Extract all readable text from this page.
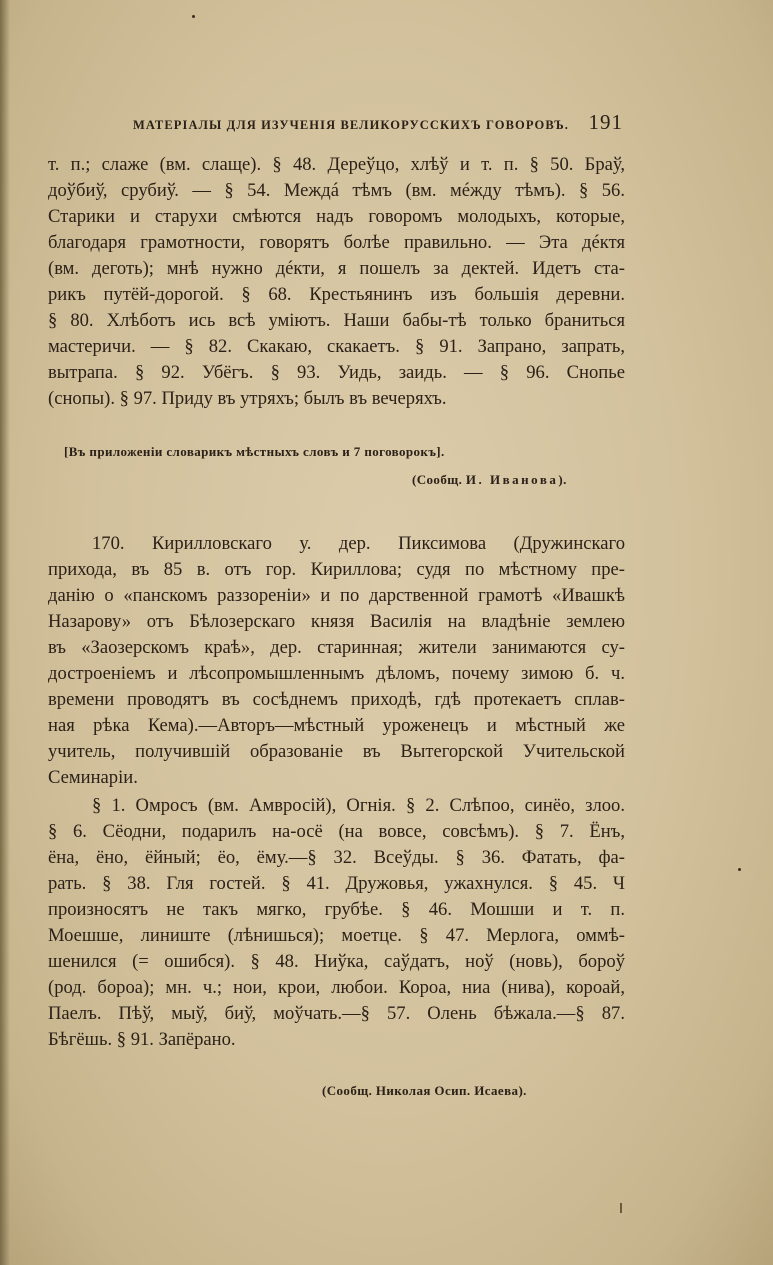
МАТЕРІАЛЫ ДЛЯ ИЗУЧЕНІЯ ВЕЛИКОРУССКИХЪ ГОВОРОВЪ. 191
т. п.; слаже (вм. слаще). § 48. Дереўцо, хлѣў и т. п. § 50. Браў,
доўбиў, срубиў. — § 54. Междá тѣмъ (вм. мéжду тѣмъ). § 56.
Старики и старухи смѣются надъ говоромъ молодыхъ, которые,
благодаря грамотности, говорятъ болѣе правильно. — Эта дéктя
(вм. деготь); мнѣ нужно дéкти, я пошелъ за дектей. Идетъ ста-
рикъ путёй-дорогой. § 68. Крестьянинъ изъ большія деревни.
§ 80. Хлѣботъ ись всѣ умiютъ. Наши бабы-тѣ только браниться
мастеричи. — § 82. Скакаю, скакаетъ. § 91. Запрано, запрать,
вытрапа. § 92. Убёгъ. § 93. Уидь, заидь. — § 96. Снопье
(снопы). § 97. Приду въ утряхъ; былъ въ вечеряхъ.
[Въ приложеніи словарикъ мѣстныхъ словъ и 7 поговорокъ].
(Сообщ. И. Иванова).
170. Кирилловскаго у. дер. Пиксимова (Дружинскаго
прихода, въ 85 в. отъ гор. Кириллова; судя по мѣстному пре-
данію о «панскомъ раззореніи» и по дарственной грамотѣ «Ивашкѣ
Назарову» отъ Бѣлозерскаго князя Василія на владѣніе землею
въ «Заозерскомъ краѣ», дер. старинная; жители занимаются су-
достроеніемъ и лѣсопромышленнымъ дѣломъ, почему зимою б. ч.
времени проводятъ въ сосѣднемъ приходѣ, гдѣ протекаетъ сплав-
ная рѣка Кема).—Авторъ—мѣстный уроженецъ и мѣстный же
учитель, получившій образованіе въ Вытегорской Учительской
Семинаріи.
§ 1. Омросъ (вм. Амвросій), Огнія. § 2. Слѣпоо, синёо, злоо.
§ 6. Сёодни, подарилъ на-осё (на вовсе, совсѣмъ). § 7. Ёнъ,
ёна, ёно, ёйный; ёо, ёму.—§ 32. Всеўды. § 36. Фатать, фа-
рать. § 38. Гля гостей. § 41. Дружовья, ужахнулся. § 45. Ч
произносятъ не такъ мягко, грубѣе. § 46. Мошши и т. п.
Моешше, линиште (лѣнишься); моетце. § 47. Мерлога, оммѣ-
шенился (= ошибся). § 48. Ниўка, саўдатъ, ноў (новь), бороў
(род. бороа); мн. ч.; нои, крои, любои. Короа, ниа (нива), короай,
Паелъ. Пѣў, мыў, биў, моўчать.—§ 57. Олень бѣжала.—§ 87.
Бѣгёшь. § 91. Запёрано.
(Сообщ. Николая Осип. Исаева).
